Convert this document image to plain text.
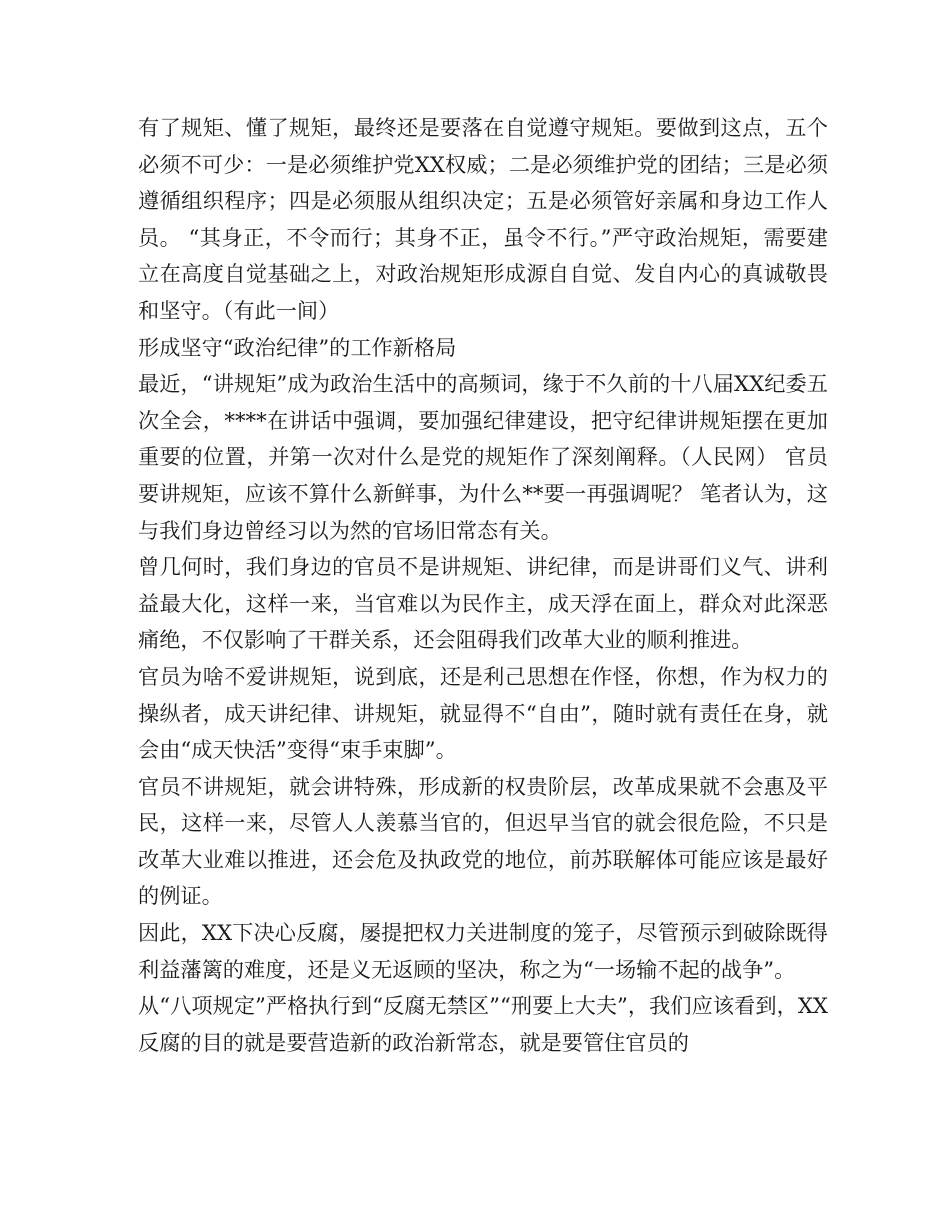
有了规矩、懂了规矩，最终还是要落在自觉遵守规矩。要做到这点，五个必须不可少：一是必须维护党XX权威；二是必须维护党的团结；三是必须遵循组织程序；四是必须服从组织决定；五是必须管好亲属和身边工作人员。 “其身正，不令而行；其身不正，虽令不行。”严守政治规矩，需要建立在高度自觉基础之上，对政治规矩形成源自自觉、发自内心的真诚敬畏和坚守。（有此一间）

形成坚守“政治纪律”的工作新格局

最近，“讲规矩”成为政治生活中的高频词，缘于不久前的十八届XX纪委五次全会，****在讲话中强调，要加强纪律建设，把守纪律讲规矩摆在更加重要的位置，并第一次对什么是党的规矩作了深刻阐释。（人民网） 官员要讲规矩，应该不算什么新鲜事，为什么**要一再强调呢？ 笔者认为，这与我们身边曾经习以为然的官场旧常态有关。

曾几何时，我们身边的官员不是讲规矩、讲纪律，而是讲哥们义气、讲利益最大化，这样一来，当官难以为民作主，成天浮在面上，群众对此深恶痛绝，不仅影响了干群关系，还会阻碍我们改革大业的顺利推进。

官员为啥不爱讲规矩，说到底，还是利己思想在作怪，你想，作为权力的操纵者，成天讲纪律、讲规矩，就显得不“自由”，随时就有责任在身，就会由“成天快活”变得“束手束脚”。

官员不讲规矩，就会讲特殊，形成新的权贵阶层，改革成果就不会惠及平民，这样一来，尽管人人羡慕当官的，但迟早当官的就会很危险，不只是改革大业难以推进，还会危及执政党的地位，前苏联解体可能应该是最好的例证。

因此，XX下决心反腐，屡提把权力关进制度的笼子，尽管预示到破除既得利益藩篱的难度，还是义无返顾的坚决，称之为“一场输不起的战争”。

从“八项规定”严格执行到“反腐无禁区”“刑要上大夫”，我们应该看到，XX反腐的目的就是要营造新的政治新常态，就是要管住官员的
